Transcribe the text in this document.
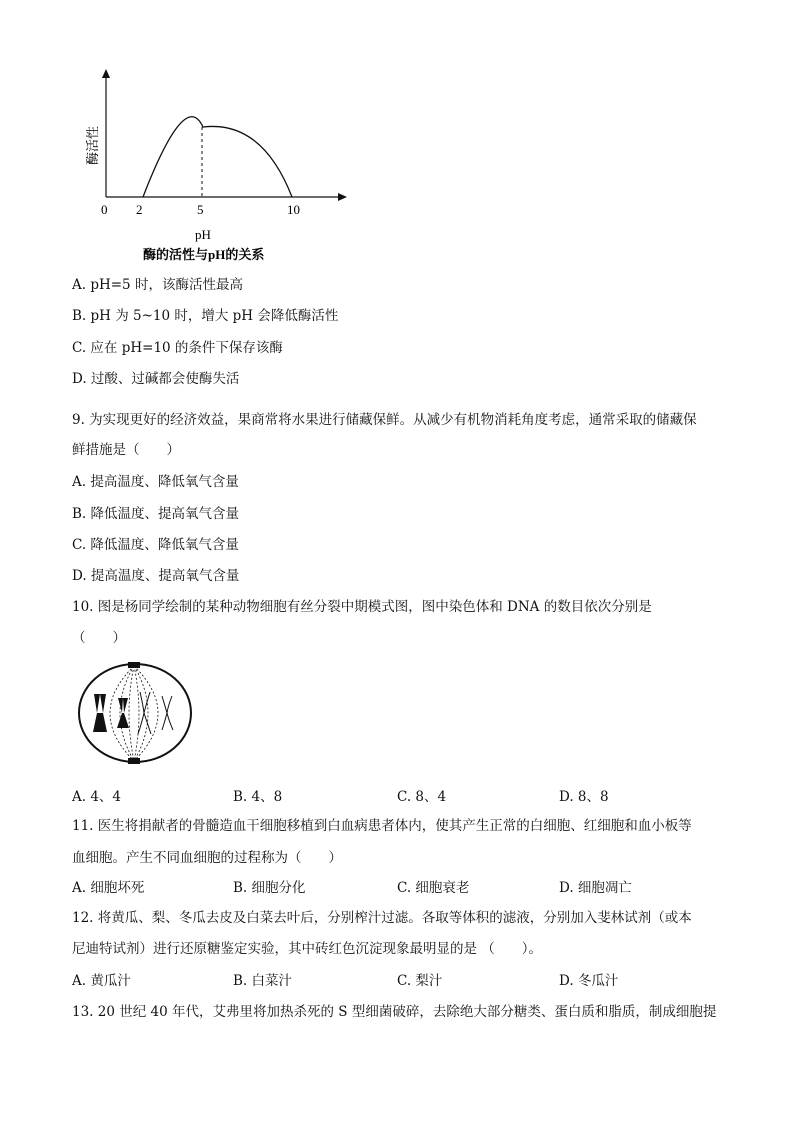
酶活性
0 2	5	10
pH
酶的活性与pH的关系
A. pH=5 时，该酶活性最高
B. pH 为 5~10 时，增大 pH 会降低酶活性
C. 应在 pH=10 的条件下保存该酶
D. 过酸、过碱都会使酶失活
9. 为实现更好的经济效益，果商常将水果进行储藏保鲜。从减少有机物消耗角度考虑，通常采取的储藏保
鲜措施是（　　）
A. 提高温度、降低氧气含量
B. 降低温度、提高氧气含量
C. 降低温度、降低氧气含量
D. 提高温度、提高氧气含量
10. 图是杨同学绘制的某种动物细胞有丝分裂中期模式图，图中染色体和 DNA 的数目依次分别是
（　　）
A. 4、4	B. 4、8	C. 8、4	D. 8、8
11. 医生将捐献者的骨髓造血干细胞移植到白血病患者体内，使其产生正常的白细胞、红细胞和血小板等
血细胞。产生不同血细胞的过程称为（　　）
A. 细胞坏死	B. 细胞分化	C. 细胞衰老	D. 细胞凋亡
12. 将黄瓜、梨、冬瓜去皮及白菜去叶后，分别榨汁过滤。各取等体积的滤液，分别加入斐林试剂（或本
尼迪特试剂）进行还原糖鉴定实验，其中砖红色沉淀现象最明显的是 （　　）。
A. 黄瓜汁	B. 白菜汁	C. 梨汁	D. 冬瓜汁
13. 20 世纪 40 年代，艾弗里将加热杀死的 S 型细菌破碎，去除绝大部分糖类、蛋白质和脂质，制成细胞提
